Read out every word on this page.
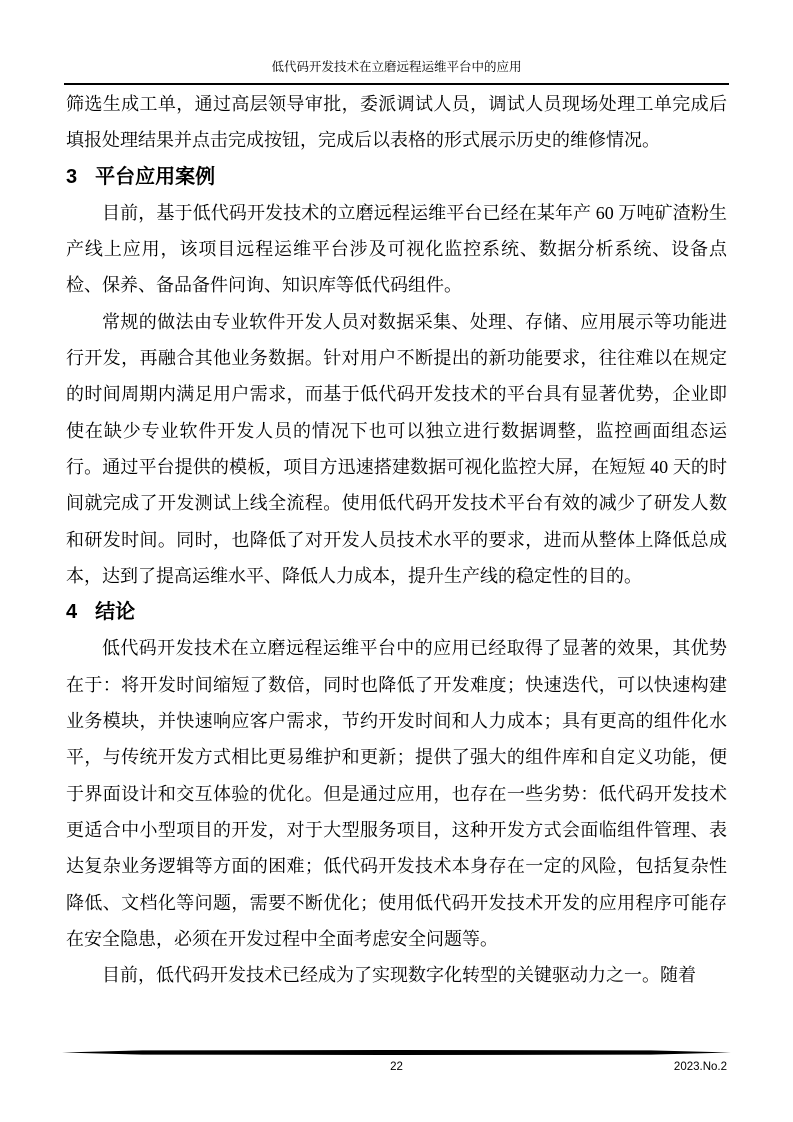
低代码开发技术在立磨远程运维平台中的应用

筛选生成工单，通过高层领导审批，委派调试人员，调试人员现场处理工单完成后填报处理结果并点击完成按钮，完成后以表格的形式展示历史的维修情况。

3 平台应用案例

目前，基于低代码开发技术的立磨远程运维平台已经在某年产 60 万吨矿渣粉生产线上应用，该项目远程运维平台涉及可视化监控系统、数据分析系统、设备点检、保养、备品备件问询、知识库等低代码组件。

常规的做法由专业软件开发人员对数据采集、处理、存储、应用展示等功能进行开发，再融合其他业务数据。针对用户不断提出的新功能要求，往往难以在规定的时间周期内满足用户需求，而基于低代码开发技术的平台具有显著优势，企业即使在缺少专业软件开发人员的情况下也可以独立进行数据调整，监控画面组态运行。通过平台提供的模板，项目方迅速搭建数据可视化监控大屏，在短短 40 天的时间就完成了开发测试上线全流程。使用低代码开发技术平台有效的减少了研发人数和研发时间。同时，也降低了对开发人员技术水平的要求，进而从整体上降低总成本，达到了提高运维水平、降低人力成本，提升生产线的稳定性的目的。

4 结论

低代码开发技术在立磨远程运维平台中的应用已经取得了显著的效果，其优势在于：将开发时间缩短了数倍，同时也降低了开发难度；快速迭代，可以快速构建业务模块，并快速响应客户需求，节约开发时间和人力成本；具有更高的组件化水平，与传统开发方式相比更易维护和更新；提供了强大的组件库和自定义功能，便于界面设计和交互体验的优化。但是通过应用，也存在一些劣势：低代码开发技术更适合中小型项目的开发，对于大型服务项目，这种开发方式会面临组件管理、表达复杂业务逻辑等方面的困难；低代码开发技术本身存在一定的风险，包括复杂性降低、文档化等问题，需要不断优化；使用低代码开发技术开发的应用程序可能存在安全隐患，必须在开发过程中全面考虑安全问题等。

目前，低代码开发技术已经成为了实现数字化转型的关键驱动力之一。随着

22	2023.No.2
